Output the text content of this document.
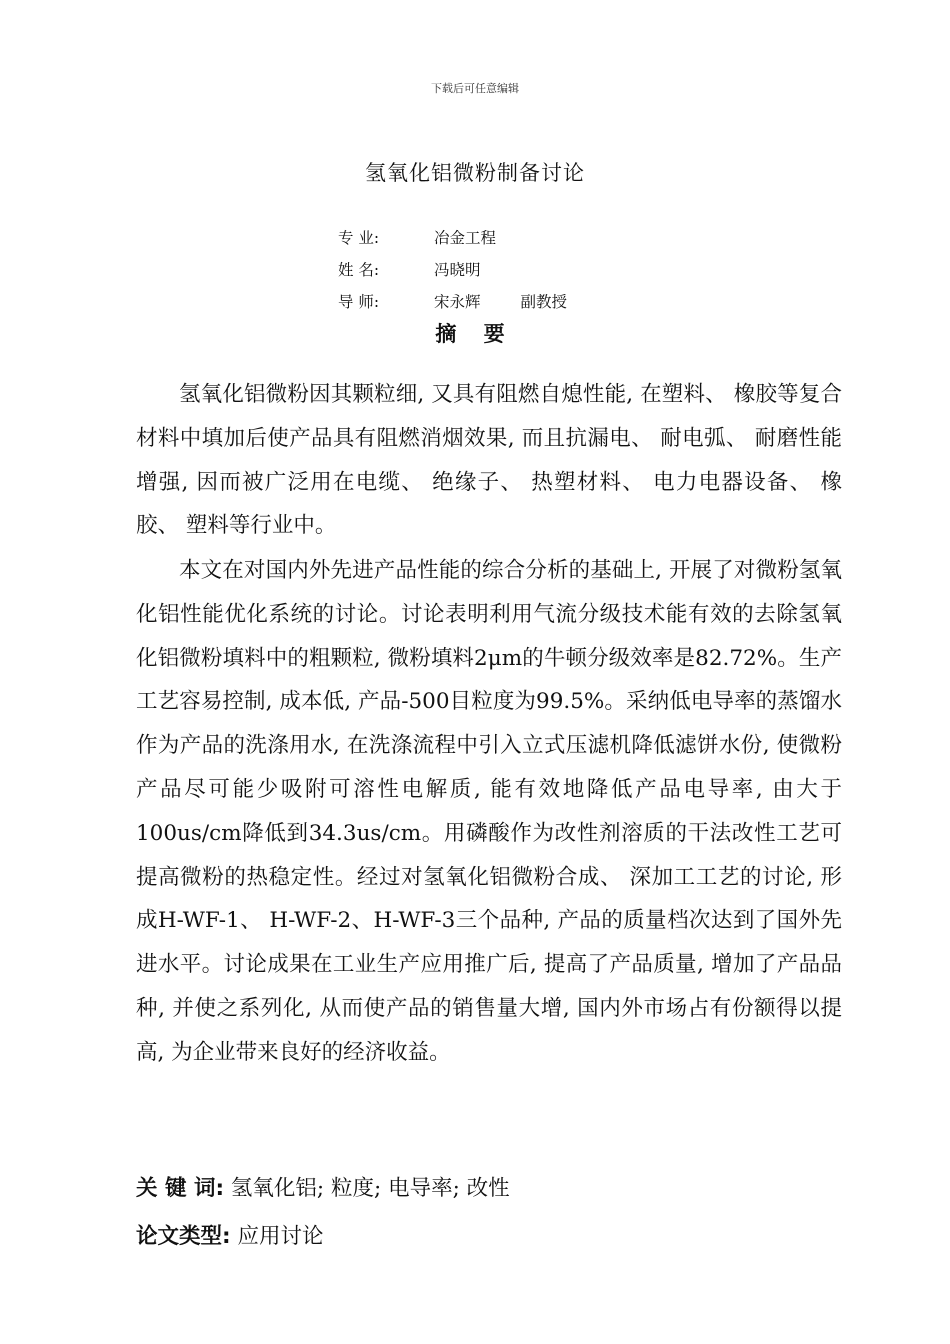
下载后可任意编辑
氢氧化铝微粉制备讨论
专 业:	冶金工程
姓 名:	冯晓明
导 师:	宋永辉	副教授
摘 要

氢氧化铝微粉因其颗粒细, 又具有阻燃自熄性能, 在塑料、 橡胶等复合材料中填加后使产品具有阻燃消烟效果, 而且抗漏电、 耐电弧、 耐磨性能增强, 因而被广泛用在电缆、 绝缘子、 热塑材料、 电力电器设备、 橡胶、 塑料等行业中。

本文在对国内外先进产品性能的综合分析的基础上, 开展了对微粉氢氧化铝性能优化系统的讨论。讨论表明利用气流分级技术能有效的去除氢氧化铝微粉填料中的粗颗粒, 微粉填料2μm的牛顿分级效率是82.72%。生产工艺容易控制, 成本低, 产品-500目粒度为99.5%。采纳低电导率的蒸馏水作为产品的洗涤用水, 在洗涤流程中引入立式压滤机降低滤饼水份, 使微粉产品尽可能少吸附可溶性电解质, 能有效地降低产品电导率, 由大于100us/cm降低到34.3us/cm。用磷酸作为改性剂溶质的干法改性工艺可提高微粉的热稳定性。经过对氢氧化铝微粉合成、 深加工工艺的讨论, 形成H-WF-1、 H-WF-2、H-WF-3三个品种, 产品的质量档次达到了国外先进水平。讨论成果在工业生产应用推广后, 提高了产品质量, 增加了产品品种, 并使之系列化, 从而使产品的销售量大增, 国内外市场占有份额得以提高, 为企业带来良好的经济收益。

关 键 词: 氢氧化铝; 粒度; 电导率; 改性
论文类型: 应用讨论
